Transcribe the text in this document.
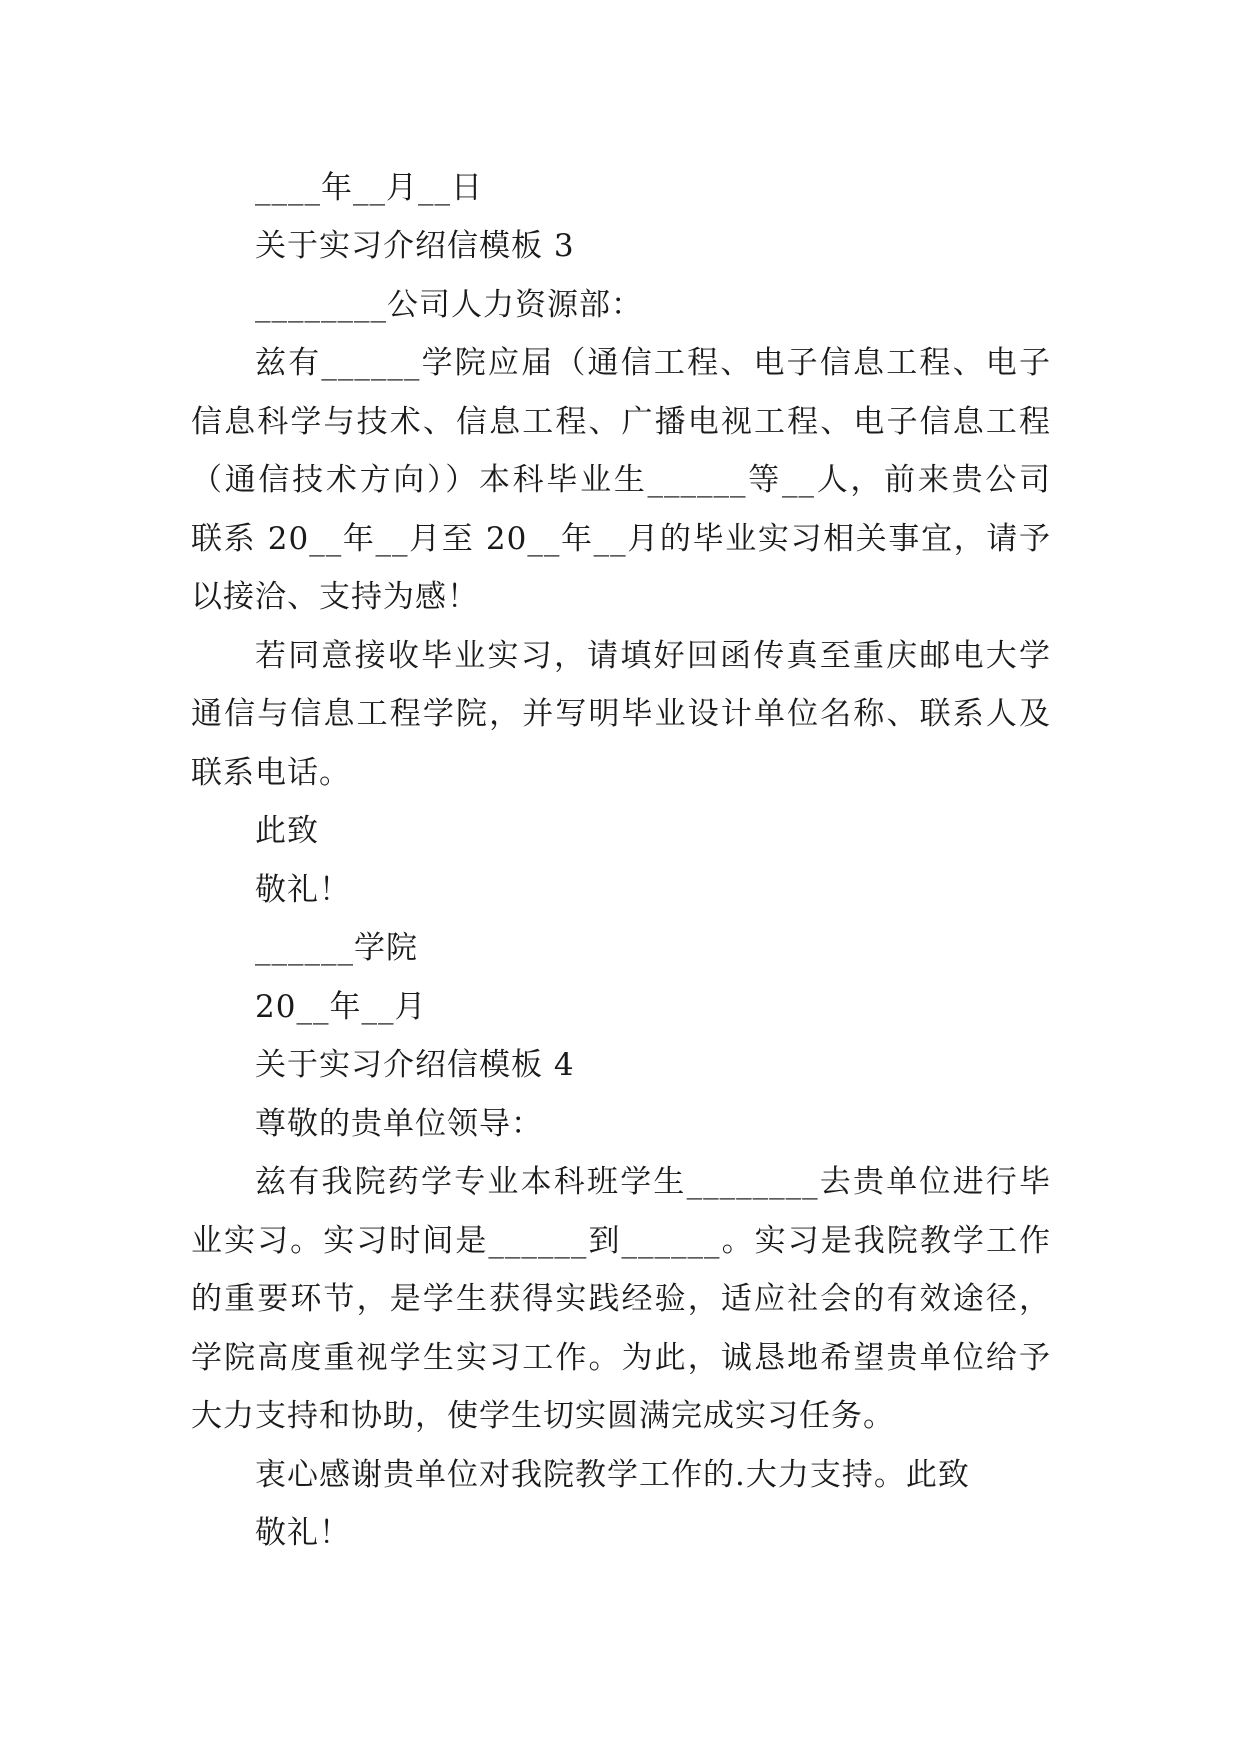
____年__月__日
关于实习介绍信模板 3
________公司人力资源部：
兹有______学院应届（通信工程、电子信息工程、电子
信息科学与技术、信息工程、广播电视工程、电子信息工程
（通信技术方向））本科毕业生______等__人，前来贵公司
联系 20__年__月至 20__年__月的毕业实习相关事宜，请予
以接洽、支持为感！
若同意接收毕业实习，请填好回函传真至重庆邮电大学
通信与信息工程学院，并写明毕业设计单位名称、联系人及
联系电话。
此致
敬礼！
______学院
20__年__月
关于实习介绍信模板 4
尊敬的贵单位领导：
兹有我院药学专业本科班学生________去贵单位进行毕
业实习。实习时间是______到______。实习是我院教学工作
的重要环节，是学生获得实践经验，适应社会的有效途径，
学院高度重视学生实习工作。为此，诚恳地希望贵单位给予
大力支持和协助，使学生切实圆满完成实习任务。
衷心感谢贵单位对我院教学工作的.大力支持。此致
敬礼！
